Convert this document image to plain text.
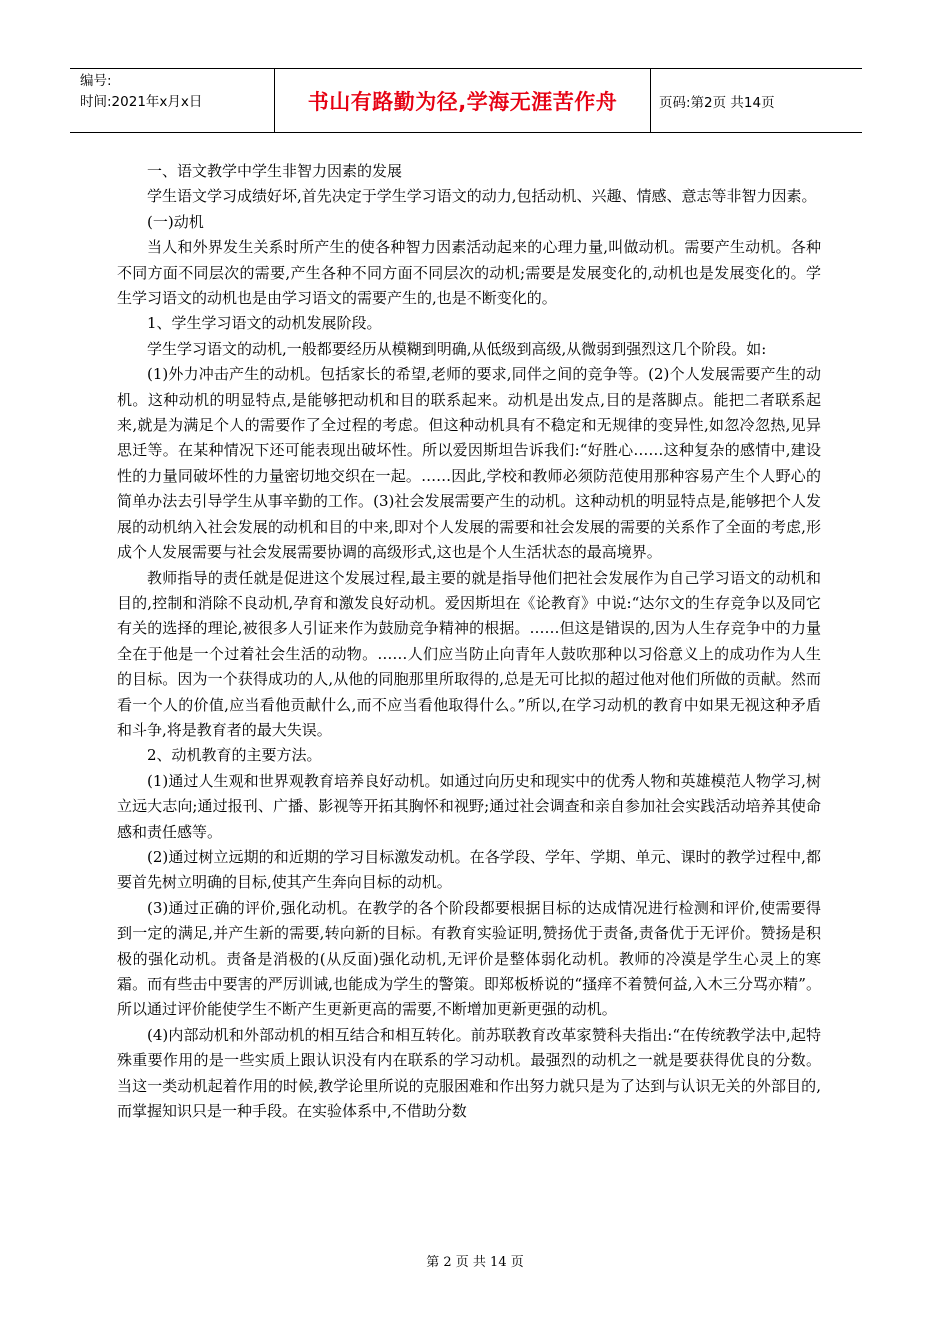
编号:
时间:2021年x月x日	书山有路勤为径,学海无涯苦作舟	页码:第2页 共14页

一、语文教学中学生非智力因素的发展

学生语文学习成绩好坏,首先决定于学生学习语文的动力,包括动机、兴趣、情感、意志等非智力因素。

(一)动机

当人和外界发生关系时所产生的使各种智力因素活动起来的心理力量,叫做动机。需要产生动机。各种不同方面不同层次的需要,产生各种不同方面不同层次的动机;需要是发展变化的,动机也是发展变化的。学生学习语文的动机也是由学习语文的需要产生的,也是不断变化的。

1、学生学习语文的动机发展阶段。

学生学习语文的动机,一般都要经历从模糊到明确,从低级到高级,从微弱到强烈这几个阶段。如:

(1)外力冲击产生的动机。包括家长的希望,老师的要求,同伴之间的竞争等。(2)个人发展需要产生的动机。这种动机的明显特点,是能够把动机和目的联系起来。动机是出发点,目的是落脚点。能把二者联系起来,就是为满足个人的需要作了全过程的考虑。但这种动机具有不稳定和无规律的变异性,如忽冷忽热,见异思迁等。在某种情况下还可能表现出破坏性。所以爱因斯坦告诉我们:“好胜心……这种复杂的感情中,建设性的力量同破坏性的力量密切地交织在一起。……因此,学校和教师必须防范使用那种容易产生个人野心的简单办法去引导学生从事辛勤的工作。(3)社会发展需要产生的动机。这种动机的明显特点是,能够把个人发展的动机纳入社会发展的动机和目的中来,即对个人发展的需要和社会发展的需要的关系作了全面的考虑,形成个人发展需要与社会发展需要协调的高级形式,这也是个人生活状态的最高境界。

教师指导的责任就是促进这个发展过程,最主要的就是指导他们把社会发展作为自己学习语文的动机和目的,控制和消除不良动机,孕育和激发良好动机。爱因斯坦在《论教育》中说:“达尔文的生存竞争以及同它有关的选择的理论,被很多人引证来作为鼓励竞争精神的根据。……但这是错误的,因为人生存竞争中的力量全在于他是一个过着社会生活的动物。……人们应当防止向青年人鼓吹那种以习俗意义上的成功作为人生的目标。因为一个获得成功的人,从他的同胞那里所取得的,总是无可比拟的超过他对他们所做的贡献。然而看一个人的价值,应当看他贡献什么,而不应当看他取得什么。”所以,在学习动机的教育中如果无视这种矛盾和斗争,将是教育者的最大失误。

2、动机教育的主要方法。

(1)通过人生观和世界观教育培养良好动机。如通过向历史和现实中的优秀人物和英雄模范人物学习,树立远大志向;通过报刊、广播、影视等开拓其胸怀和视野;通过社会调查和亲自参加社会实践活动培养其使命感和责任感等。

(2)通过树立远期的和近期的学习目标激发动机。在各学段、学年、学期、单元、课时的教学过程中,都要首先树立明确的目标,使其产生奔向目标的动机。

(3)通过正确的评价,强化动机。在教学的各个阶段都要根据目标的达成情况进行检测和评价,使需要得到一定的满足,并产生新的需要,转向新的目标。有教育实验证明,赞扬优于责备,责备优于无评价。赞扬是积极的强化动机。责备是消极的(从反面)强化动机,无评价是整体弱化动机。教师的冷漠是学生心灵上的寒霜。而有些击中要害的严厉训诫,也能成为学生的警策。即郑板桥说的“搔痒不着赞何益,入木三分骂亦精”。所以通过评价能使学生不断产生更新更高的需要,不断增加更新更强的动机。

(4)内部动机和外部动机的相互结合和相互转化。前苏联教育改革家赞科夫指出:“在传统教学法中,起特殊重要作用的是一些实质上跟认识没有内在联系的学习动机。最强烈的动机之一就是要获得优良的分数。当这一类动机起着作用的时候,教学论里所说的克服困难和作出努力就只是为了达到与认识无关的外部目的,而掌握知识只是一种手段。在实验体系中,不借助分数

第 2 页 共 14 页
